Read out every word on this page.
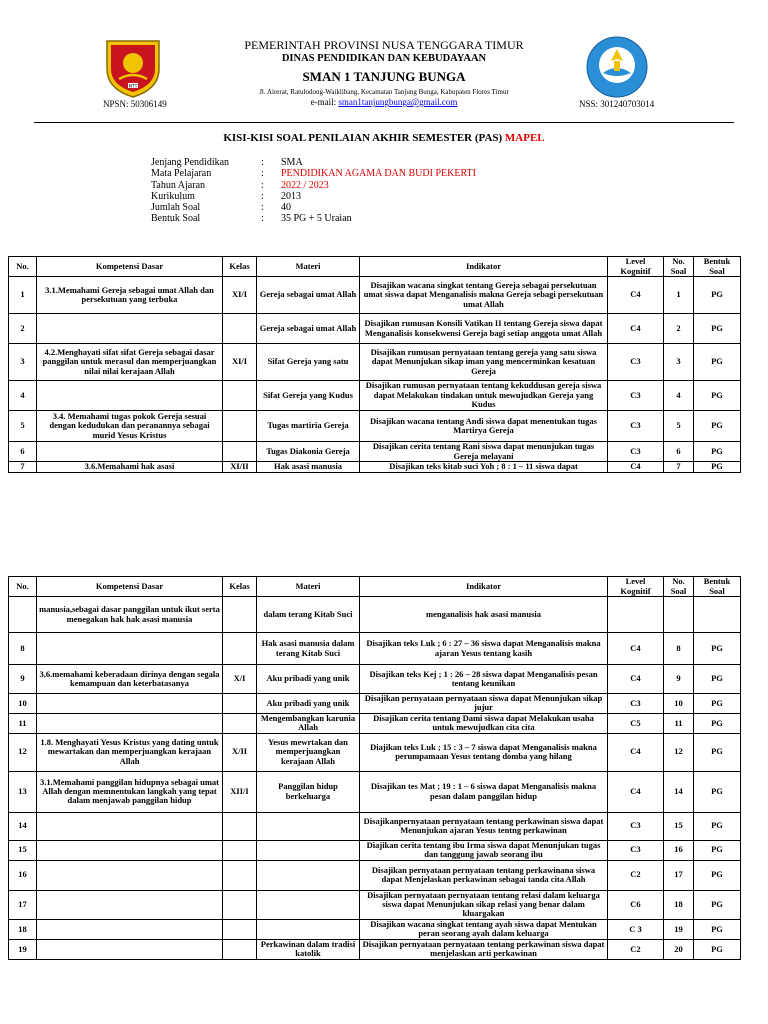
NTT
NPSN: 50306149	NSS: 301240703014
PEMERINTAH PROVINSI NUSA TENGGARA TIMUR
DINAS PENDIDIKAN DAN KEBUDAYAAN
SMAN 1 TANJUNG BUNGA
Jl. Airerat, Ratulodong-Waiklibang, Kecamatan Tanjung Bunga, Kabupaten Flores Timur
e-mail: sman1tanjungbunga@gmail.com
KISI-KISI SOAL PENILAIAN AKHIR SEMESTER (PAS) MAPEL
Jenjang Pendidikan	:	SMA
Mata Pelajaran	:	PENDIDIKAN AGAMA DAN BUDI PEKERTI
Tahun Ajaran	:	2022 / 2023
Kurikulum	:	2013
Jumlah Soal	:	40
Bentuk Soal	:	35 PG + 5 Uraian
No.	Kompetensi Dasar	Kelas	Materi	Indikator	Level Kognitif	No. Soal	Bentuk Soal
1	3.1.Memahami Gereja sebagai umat Allah dan persekutuan yang terbuka	XI/I	Gereja sebagai umat Allah	Disajikan wacana singkat tentang Gereja sebagai persekutuan umat siswa dapat Menganalisis makna Gereja sebagi persekutuan umat Allah	C4	1	PG
2			Gereja sebagai umat Allah	Disajikan rumusan Konsili Vatikan II tentang Gereja siswa dapat Menganalisis konsekwensi Gereja bagi setiap anggota umat Allah	C4	2	PG
3	4.2.Menghayati sifat sifat Gereja sebagai dasar panggilan untuk merasul dan memperjuangkan nilai nilai kerajaan Allah	XI/I	Sifat Gereja yang satu	Disajikan rumusan pernyataan tentang gereja yang satu siswa dapat Menunjukan sikap iman yang mencerminkan kesatuan Gereja	C3	3	PG
4			Sifat Gereja yang Kudus	Disajikan rumusan pernyataan tentang kekuddusan gereja siswa dapat Melakukan tindakan untuk mewujudkan Gereja yang Kudus	C3	4	PG
5	3.4. Memahami tugas pokok Gereja sesuai dengan kedudukan dan peranannya sebagai murid Yesus Kristus		Tugas martiria Gereja	Disajikan wacana tentang Andi siswa dapat menentukan tugas Martirya Gereja	C3	5	PG
6			Tugas Diakonia Gereja	Disajikan cerita tentang Rani siswa dapat menunjukan tugas Gereja melayani	C3	6	PG
7	3.6.Memahami hak asasi	XI/II	Hak asasi manusia	Disajikan teks kitab suci Yoh ; 8 : 1 – 11 siswa dapat	C4	7	PG
No.	Kompetensi Dasar	Kelas	Materi	Indikator	Level Kognitif	No. Soal	Bentuk Soal
	manusia,sebagai dasar panggilan untuk ikut serta menegakan hak hak asasi manusia		dalam terang Kitab Suci	menganalisis hak asasi manusia			
8			Hak asasi manusia dalam terang Kitab Suci	Disajikan teks Luk ; 6 : 27 – 36 siswa dapat Menganalisis makna ajaran Yesus tentang kasih	C4	8	PG
9	3,6.memahami keberadaan dirinya dengan segala kemampuan dan keterbatasanya	X/I	Aku pribadi yang unik	Disajikan teks Kej ; 1 : 26 – 28 siswa dapat Menganalisis pesan tentang keunikan	C4	9	PG
10			Aku pribadi yang unik	Disajikan pernyataan pernyataan siswa dapat Menunjukan sikap jujur	C3	10	PG
11			Mengembangkan karunia Allah	Disajikan cerita tentang Dami siswa dapat Melakukan usaha untuk mewujudkan cita cita	C5	11	PG
12	1.8. Menghayati Yesus Kristus yang dating untuk mewartakan dan memperjuangkan kerajaan Allah	X/II	Yesus mewrtakan dan memperjuangkan kerajaan Allah	Diajikan teks Luk ; 15 : 3 – 7 siswa dapat Menganalisis makna perumpamaan Yesus tentang domba yang hilang	C4	12	PG
13	3.1.Memahami panggilan hidupnya sebagai umat Allah dengan memnentukan langkah yang tepat dalam menjawab panggilan hidup	XII/I	Panggilan hidup berkeluarga	Disajikan tes Mat ; 19 : 1 – 6 siswa dapat Menganalisis makna pesan dalam panggilan hidup	C4	14	PG
14				Disajikanpernyataan pernyataan tentang perkawinan siswa dapat Menunjukan ajaran Yesus tentng perkawinan	C3	15	PG
15				Diajikan cerita tentang ibu Irma siswa dapat Menunjukan tugas dan tanggung jawab seorang ibu	C3	16	PG
16				Disajikan pernyataan pernyataan tentang perkawinana siswa dapat Menjelaskan perkawinan sebagai tanda cita Allah	C2	17	PG
17				Disajikan pernyataan pernyataan tentang relasi dalam keluarga siswa dapat Menunjukan sikap relasi yang benar dalam kluargakan	C6	18	PG
18				Disajikan wacana singkat tentang ayah siswa dapat Mentukan peran seorang ayah dalam keluarga	C 3	19	PG
19			Perkawinan dalam tradisi katolik	Disajikan pernyataan pernyataan tentang perkawinan siswa dapat menjelaskan arti perkawinan	C2	20	PG
